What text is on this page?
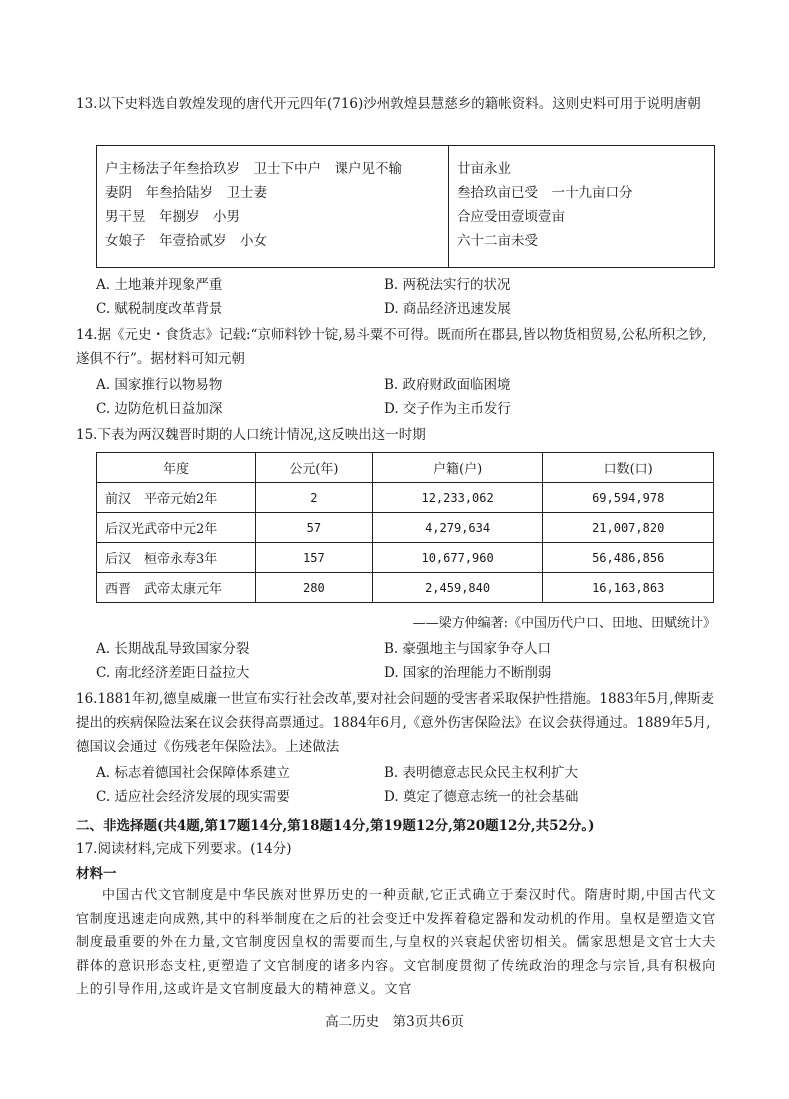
13.以下史料选自敦煌发现的唐代开元四年(716)沙州敦煌县慧慈乡的籍帐资料。这则史料可用于说明唐朝
户主杨法子年叁拾玖岁　卫士下中户　课户见不输
妻阴　年叁拾陆岁　卫士妻
男干昱　年捌岁　小男
女娘子　年壹拾贰岁　小女
廿亩永业
叁拾玖亩已受　一十九亩口分
合应受田壹顷壹亩
六十二亩未受
A. 土地兼并现象严重	B. 两税法实行的状况
C. 赋税制度改革背景	D. 商品经济迅速发展
14.据《元史・食货志》记载:“京师料钞十锭,易斗粟不可得。既而所在郡县,皆以物货相贸易,公私所积之钞,遂俱不行”。据材料可知元朝
A. 国家推行以物易物	B. 政府财政面临困境
C. 边防危机日益加深	D. 交子作为主币发行
15.下表为两汉魏晋时期的人口统计情况,这反映出这一时期
年度	公元(年)	户籍(户)	口数(口)
前汉　平帝元始2年	2	12,233,062	69,594,978
后汉光武帝中元2年	57	4,279,634	21,007,820
后汉　桓帝永寿3年	157	10,677,960	56,486,856
西晋　武帝太康元年	280	2,459,840	16,163,863
——梁方仲编著:《中国历代户口、田地、田赋统计》
A. 长期战乱导致国家分裂	B. 豪强地主与国家争夺人口
C. 南北经济差距日益拉大	D. 国家的治理能力不断削弱
16.1881年初,德皇威廉一世宣布实行社会改革,要对社会问题的受害者采取保护性措施。1883年5月,俾斯麦提出的疾病保险法案在议会获得高票通过。1884年6月,《意外伤害保险法》在议会获得通过。1889年5月,德国议会通过《伤残老年保险法》。上述做法
A. 标志着德国社会保障体系建立	B. 表明德意志民众民主权利扩大
C. 适应社会经济发展的现实需要	D. 奠定了德意志统一的社会基础
二、非选择题(共4题,第17题14分,第18题14分,第19题12分,第20题12分,共52分。)
17.阅读材料,完成下列要求。(14分)
材料一
中国古代文官制度是中华民族对世界历史的一种贡献,它正式确立于秦汉时代。隋唐时期,中国古代文官制度迅速走向成熟,其中的科举制度在之后的社会变迁中发挥着稳定器和发动机的作用。皇权是塑造文官制度最重要的外在力量,文官制度因皇权的需要而生,与皇权的兴衰起伏密切相关。儒家思想是文官士大夫群体的意识形态支柱,更塑造了文官制度的诸多内容。文官制度贯彻了传统政治的理念与宗旨,具有积极向上的引导作用,这或许是文官制度最大的精神意义。文官
高二历史　第3页共6页
